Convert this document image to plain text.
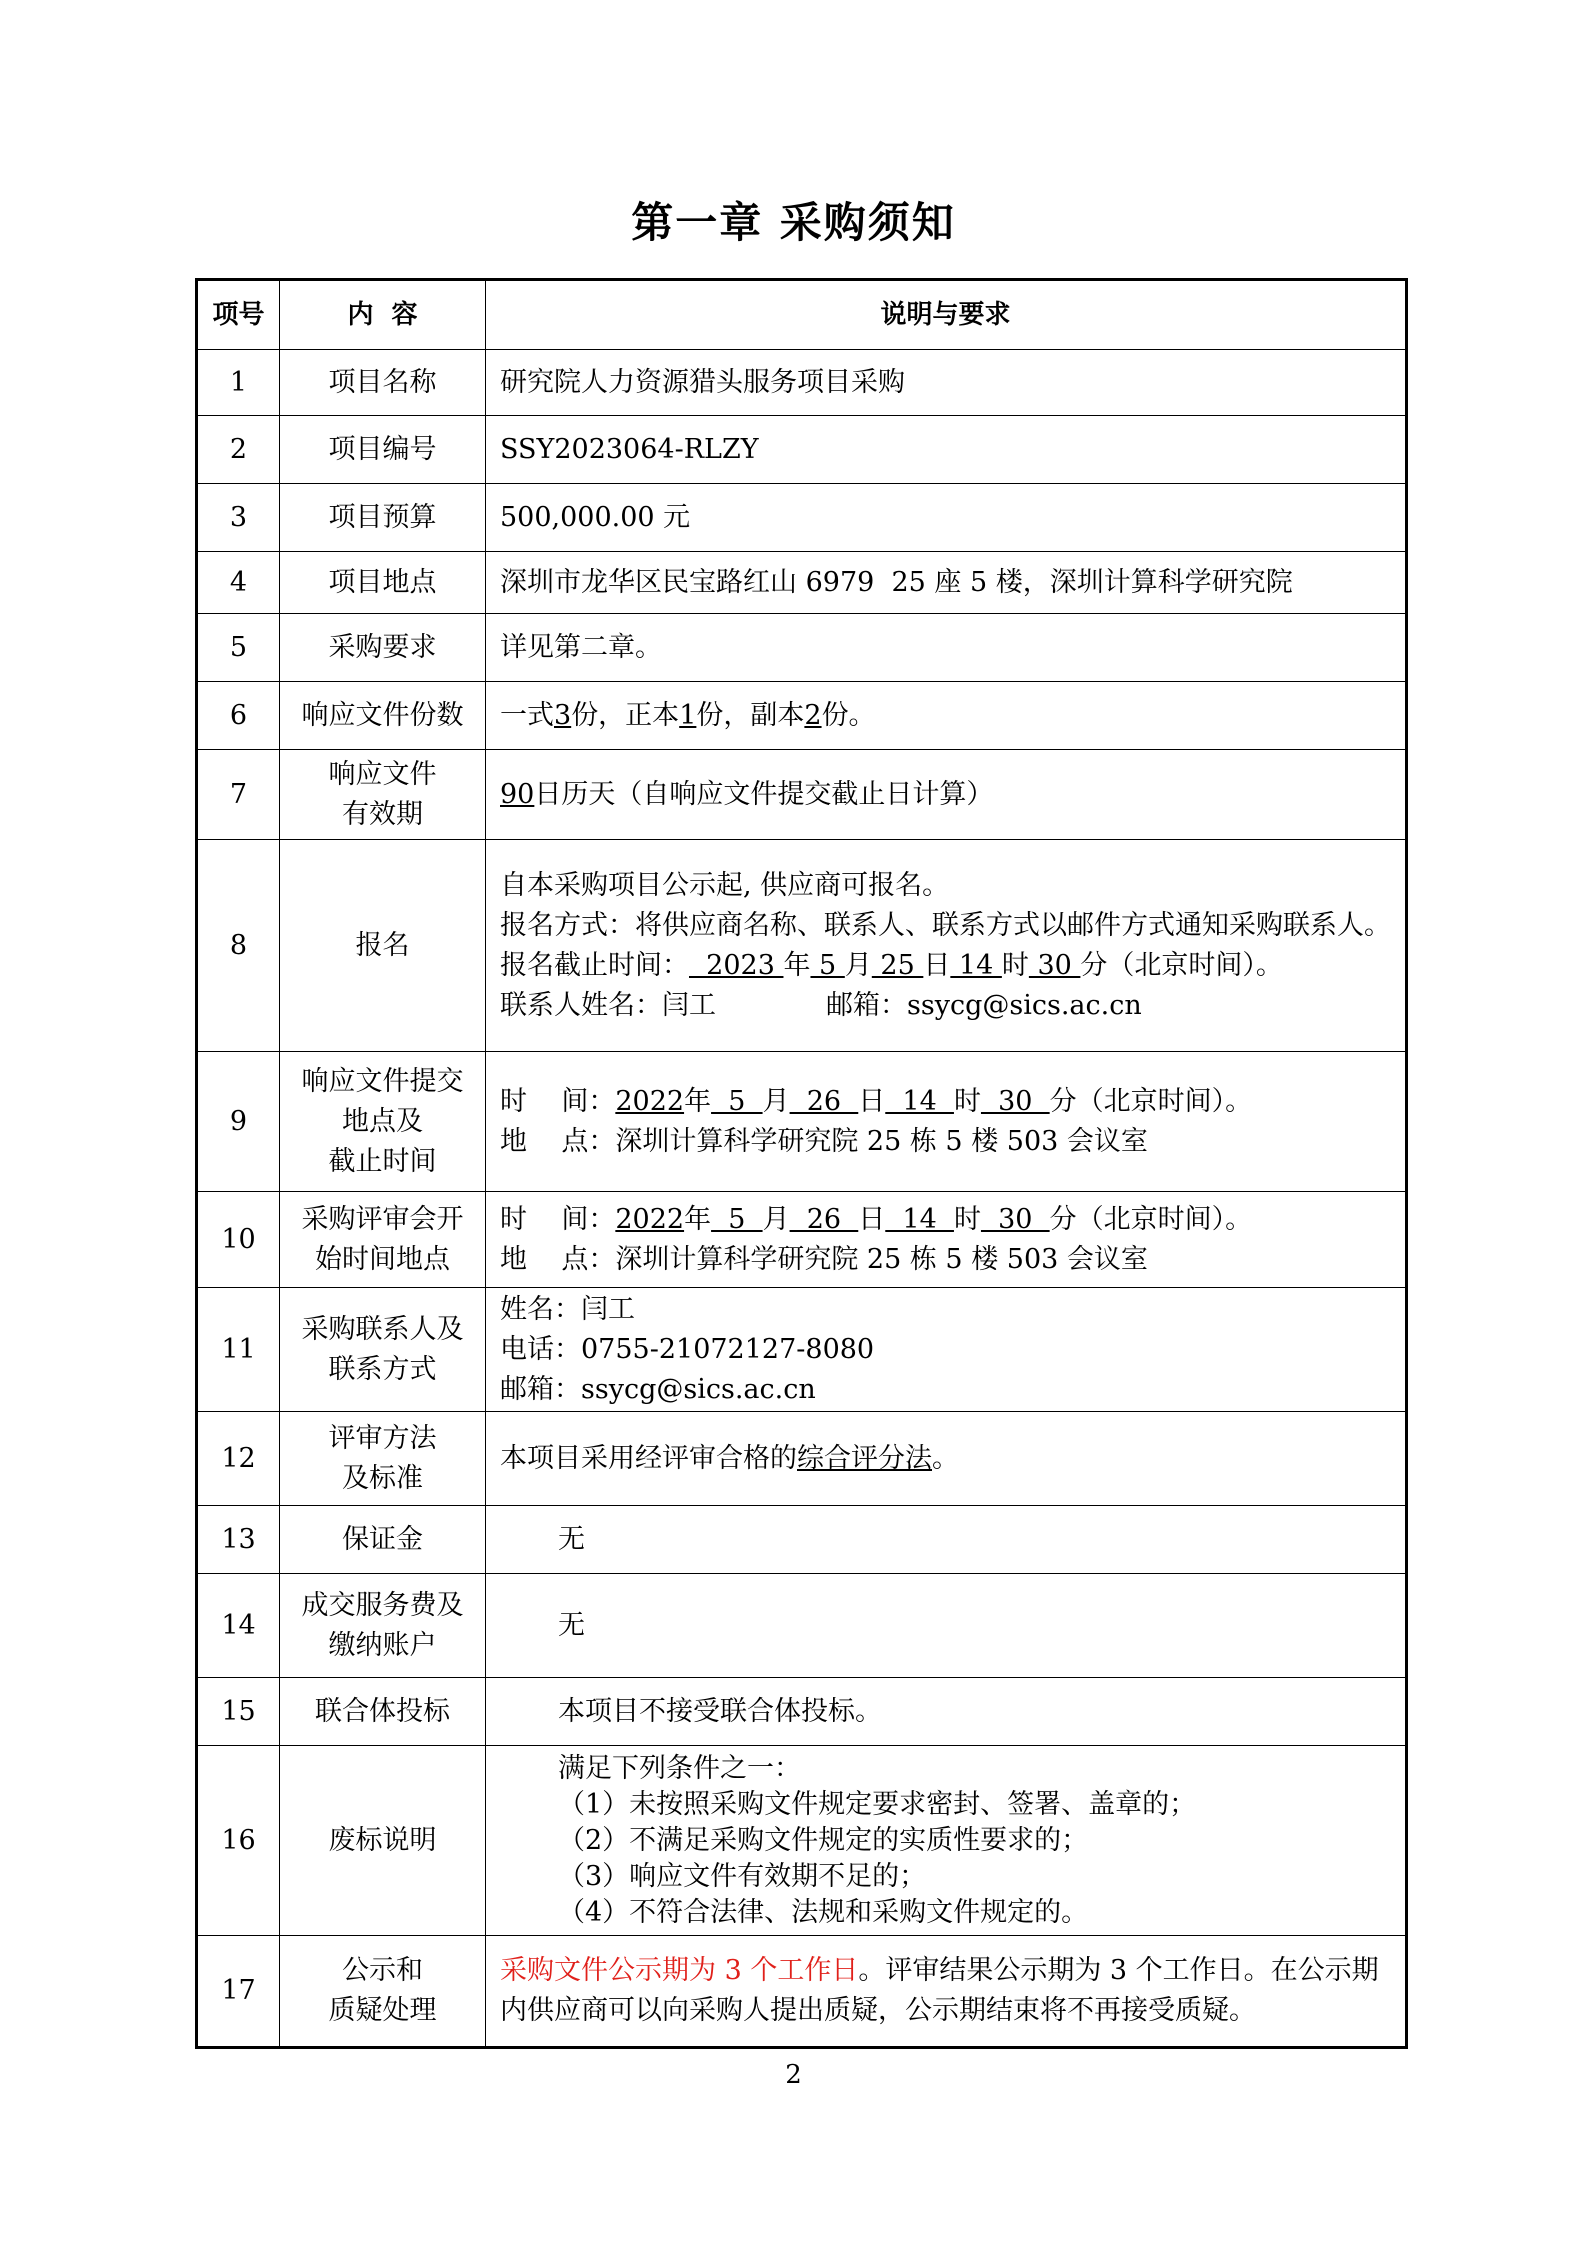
第一章 采购须知
项号	内  容	说明与要求
1	项目名称	研究院人力资源猎头服务项目采购
2	项目编号	SSY2023064-RLZY
3	项目预算	500,000.00 元
4	项目地点	深圳市龙华区民宝路红山 6979  25 座 5 楼，深圳计算科学研究院
5	采购要求	详见第二章。
6	响应文件份数	一式3份，正本1份，副本2份。
7	响应文件
有效期	90日历天（自响应文件提交截止日计算）
8	报名	自本采购项目公示起, 供应商可报名。
报名方式：将供应商名称、联系人、联系方式以邮件方式通知采购联系人。
报名截止时间：  2023 年 5 月 25 日 14 时 30 分（北京时间）。
联系人姓名：闫工 邮箱：ssycg@sics.ac.cn

9	响应文件提交
地点及
截止时间	时    间：2022年  5  月  26  日  14  时  30  分（北京时间）。
地    点：深圳计算科学研究院 25 栋 5 楼 503 会议室

10	采购评审会开
始时间地点	时    间：2022年  5  月  26  日  14  时  30  分（北京时间）。
地    点：深圳计算科学研究院 25 栋 5 楼 503 会议室

11	采购联系人及
联系方式	姓名：闫工
电话：0755-21072127-8080
邮箱：ssycg@sics.ac.cn

12	评审方法
及标准	本项目采用经评审合格的综合评分法。
13	保证金	无
14	成交服务费及
缴纳账户	无
15	联合体投标	本项目不接受联合体投标。
16	废标说明	满足下列条件之一：
（1）未按照采购文件规定要求密封、签署、盖章的；
（2）不满足采购文件规定的实质性要求的；
（3）响应文件有效期不足的；
（4）不符合法律、法规和采购文件规定的。

17	公示和
质疑处理	采购文件公示期为 3 个工作日。评审结果公示期为 3 个工作日。在公示期内供应商可以向采购人提出质疑，公示期结束将不再接受质疑。
2
